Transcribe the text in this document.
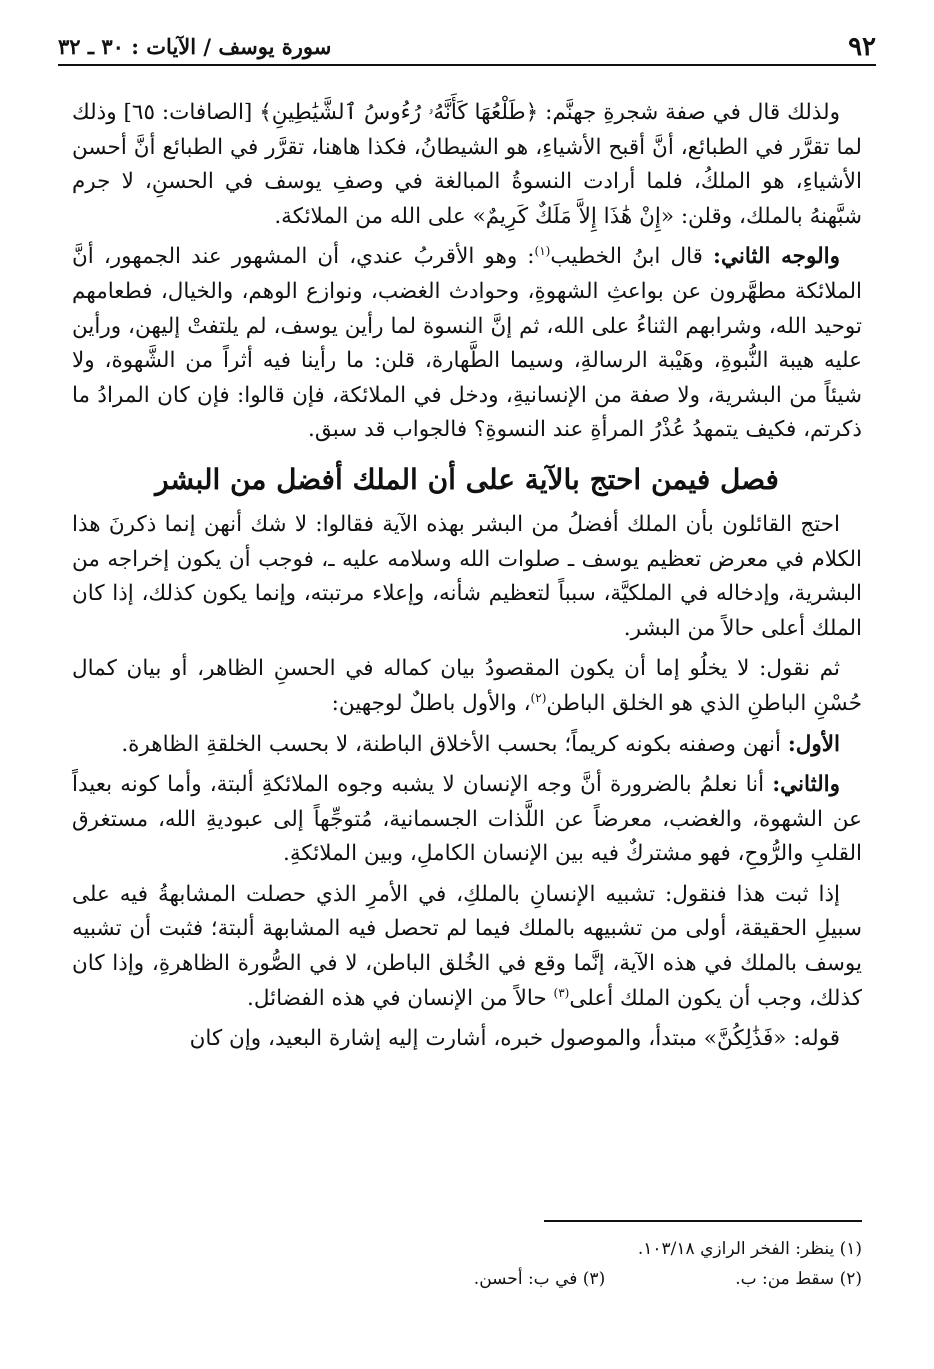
٩٢
سورة يوسف / الآيات : ٣٠ ـ ٣٢

ولذلك قال في صفة شجرةِ جهنَّم: ﴿طَلْعُهَا كَأَنَّهُۥ رُءُوسُ ٱلشَّيَٰطِينِ﴾ [الصافات: ٦٥] وذلك لما تقرَّر في الطبائع، أنَّ أقبح الأشياءِ، هو الشيطانُ، فكذا هاهنا، تقرَّر في الطبائع أنَّ أحسن الأشياءِ، هو الملكُ، فلما أرادت النسوةُ المبالغة في وصفِ يوسف في الحسنِ، لا جرم شبَّهنهُ بالملك، وقلن: «إِنْ هَٰذَا إِلاَّ مَلَكٌ كَرِيمٌ» على الله من الملائكة.

والوجه الثاني: قال ابنُ الخطيب$^{(١)}$: وهو الأقربُ عندي، أن المشهور عند الجمهور، أنَّ الملائكة مطهَّرون عن بواعثِ الشهوةِ، وحوادث الغضب، ونوازع الوهم، والخيال، فطعامهم توحيد الله، وشرابهم الثناءُ على الله، ثم إنَّ النسوة لما رأين يوسف، لم يلتفتْ إليهن، ورأين عليه هيبة النُّبوةِ، وهَيْبة الرسالةِ، وسيما الطَّهارة، قلن: ما رأينا فيه أثراً من الشَّهوة، ولا شيئاً من البشرية، ولا صفة من الإنسانيةِ، ودخل في الملائكة، فإن قالوا: فإن كان المرادُ ما ذكرتم، فكيف يتمهدُ عُذْرُ المرأةِ عند النسوةِ؟ فالجواب قد سبق.

فصل فيمن احتج بالآية على أن الملك أفضل من البشر

احتج القائلون بأن الملك أفضلُ من البشر بهذه الآية فقالوا: لا شك أنهن إنما ذكرنَ هذا الكلام في معرض تعظيم يوسف ـ صلوات الله وسلامه عليه ـ، فوجب أن يكون إخراجه من البشرية، وإدخاله في الملكيَّة، سبباً لتعظيم شأنه، وإعلاء مرتبته، وإنما يكون كذلك، إذا كان الملك أعلى حالاً من البشر.

ثم نقول: لا يخلُو إما أن يكون المقصودُ بيان كماله في الحسنِ الظاهر، أو بيان كمال حُسْنِ الباطنِ الذي هو الخلق الباطن$^{(٢)}$، والأول باطلٌ لوجهين:

الأول: أنهن وصفنه بكونه كريماً؛ بحسب الأخلاق الباطنة، لا بحسب الخلقةِ الظاهرة.

والثاني: أنا نعلمُ بالضرورة أنَّ وجه الإنسان لا يشبه وجوه الملائكةِ ألبتة، وأما كونه بعيداً عن الشهوة، والغضب، معرضاً عن اللَّذات الجسمانية، مُتوجِّهاً إلى عبوديةِ الله، مستغرق القلبِ والرُّوحِ، فهو مشتركٌ فيه بين الإنسان الكاملِ، وبين الملائكةِ.

إذا ثبت هذا فنقول: تشبيه الإنسانِ بالملكِ، في الأمرِ الذي حصلت المشابهةُ فيه على سبيلِ الحقيقة، أولى من تشبيهه بالملك فيما لم تحصل فيه المشابهة ألبتة؛ فثبت أن تشبيه يوسف بالملك في هذه الآية، إنَّما وقع في الخُلق الباطن، لا في الصُّورة الظاهرةِ، وإذا كان كذلك، وجب أن يكون الملك أعلى$^{(٣)}$ حالاً من الإنسان في هذه الفضائل.

قوله: «فَذَٰلِكُنَّ» مبتدأ، والموصول خبره، أشارت إليه إشارة البعيد، وإن كان

(١) ينظر: الفخر الرازي ١٠٣/١٨.
(٢) سقط من: ب.
(٣) في ب: أحسن.
